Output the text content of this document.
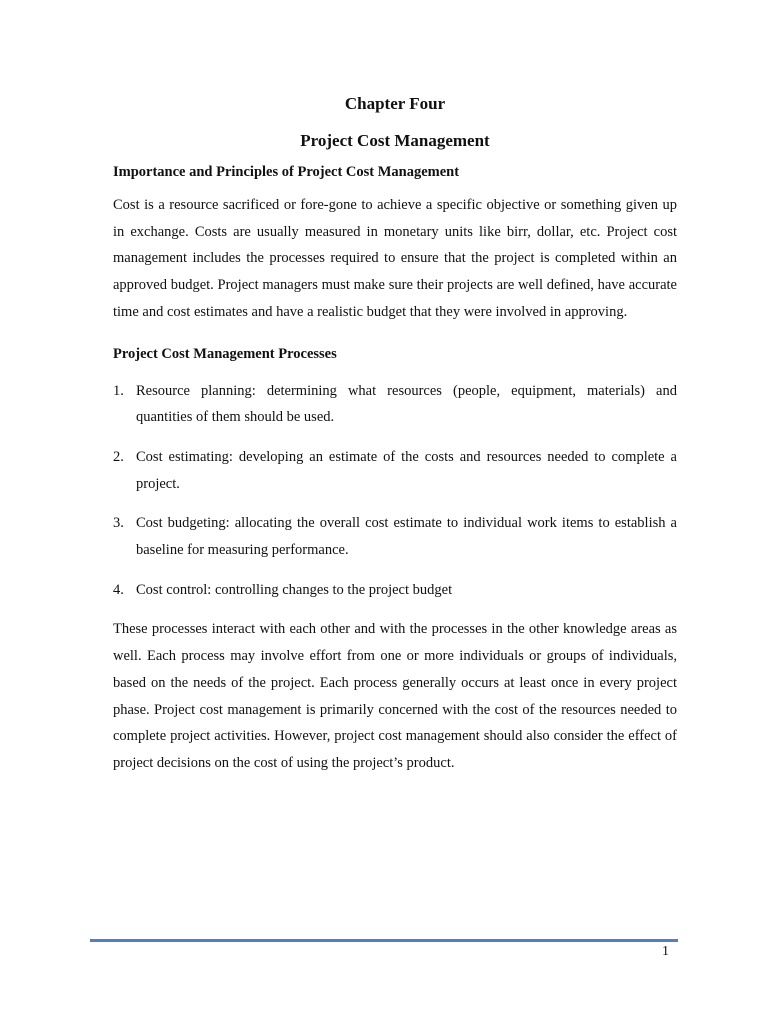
Chapter Four
Project Cost Management
Importance and Principles of Project Cost Management

Cost is a resource sacrificed or fore-gone to achieve a specific objective or something given up in exchange. Costs are usually measured in monetary units like birr, dollar, etc. Project cost management includes the processes required to ensure that the project is completed within an approved budget. Project managers must make sure their projects are well defined, have accurate time and cost estimates and have a realistic budget that they were involved in approving.

Project Cost Management Processes
1. Resource planning: determining what resources (people, equipment, materials) and quantities of them should be used.
2. Cost estimating: developing an estimate of the costs and resources needed to complete a project.
3. Cost budgeting: allocating the overall cost estimate to individual work items to establish a baseline for measuring performance.
4. Cost control: controlling changes to the project budget

These processes interact with each other and with the processes in the other knowledge areas as well. Each process may involve effort from one or more individuals or groups of individuals, based on the needs of the project. Each process generally occurs at least once in every project phase. Project cost management is primarily concerned with the cost of the resources needed to complete project activities. However, project cost management should also consider the effect of project decisions on the cost of using the project’s product.

1
